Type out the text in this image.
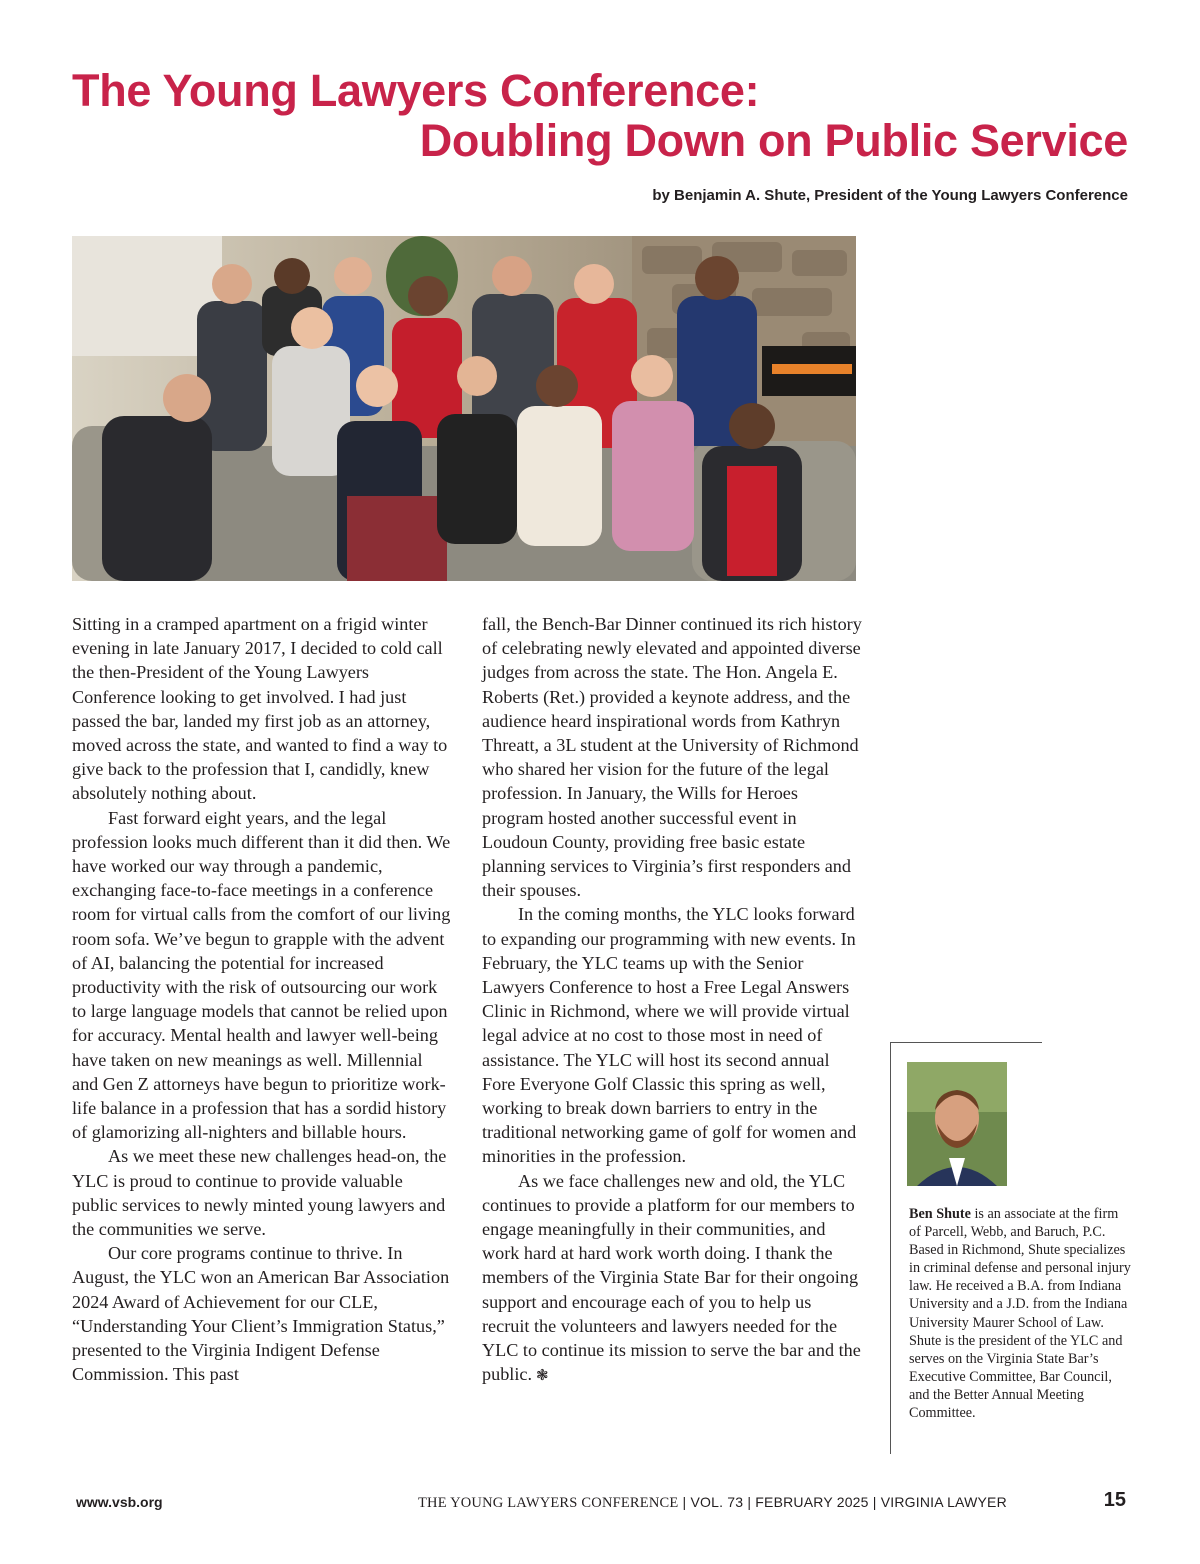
The Young Lawyers Conference:
Doubling Down on Public Service

by Benjamin A. Shute, President of the Young Lawyers Conference

Sitting in a cramped apartment on a frigid winter evening in late January 2017, I decided to cold call the then-President of the Young Lawyers Conference looking to get involved. I had just passed the bar, landed my first job as an attorney, moved across the state, and wanted to find a way to give back to the profession that I, candidly, knew absolutely nothing about.

Fast forward eight years, and the legal profession looks much different than it did then. We have worked our way through a pandemic, exchanging face-to-face meetings in a conference room for virtual calls from the comfort of our living room sofa. We’ve begun to grapple with the advent of AI, balancing the potential for increased productivity with the risk of outsourcing our work to large language models that cannot be relied upon for accuracy. Mental health and lawyer well-being have taken on new meanings as well. Millennial and Gen Z attorneys have begun to prioritize work-life balance in a profession that has a sordid history of glamorizing all-nighters and billable hours.

As we meet these new challenges head-on, the YLC is proud to continue to provide valuable public services to newly minted young lawyers and the communities we serve.

Our core programs continue to thrive. In August, the YLC won an American Bar Association 2024 Award of Achievement for our CLE, “Understanding Your Client’s Immigration Status,” presented to the Virginia Indigent Defense Commission. This past

fall, the Bench-Bar Dinner continued its rich history of celebrating newly elevated and appointed diverse judges from across the state. The Hon. Angela E. Roberts (Ret.) provided a keynote address, and the audience heard inspirational words from Kathryn Threatt, a 3L student at the University of Richmond who shared her vision for the future of the legal profession. In January, the Wills for Heroes program hosted another successful event in Loudoun County, providing free basic estate planning services to Virginia’s first responders and their spouses.

In the coming months, the YLC looks forward to expanding our programming with new events. In February, the YLC teams up with the Senior Lawyers Conference to host a Free Legal Answers Clinic in Richmond, where we will provide virtual legal advice at no cost to those most in need of assistance. The YLC will host its second annual Fore Everyone Golf Classic this spring as well, working to break down barriers to entry in the traditional networking game of golf for women and minorities in the profession.

As we face challenges new and old, the YLC continues to provide a platform for our members to engage meaningfully in their communities, and work hard at hard work worth doing. I thank the members of the Virginia State Bar for their ongoing support and encourage each of you to help us recruit the volunteers and lawyers needed for the YLC to continue its mission to serve the bar and the public. ❃

Ben Shute is an associate at the firm of Parcell, Webb, and Baruch, P.C. Based in Richmond, Shute specializes in criminal defense and personal injury law. He received a B.A. from Indiana University and a J.D. from the Indiana University Maurer School of Law. Shute is the president of the YLC and serves on the Virginia State Bar’s Executive Committee, Bar Council, and the Better Annual Meeting Committee.

www.vsb.org	THE YOUNG LAWYERS CONFERENCE | VOL. 73 | FEBRUARY 2025 | VIRGINIA LAWYER	15
